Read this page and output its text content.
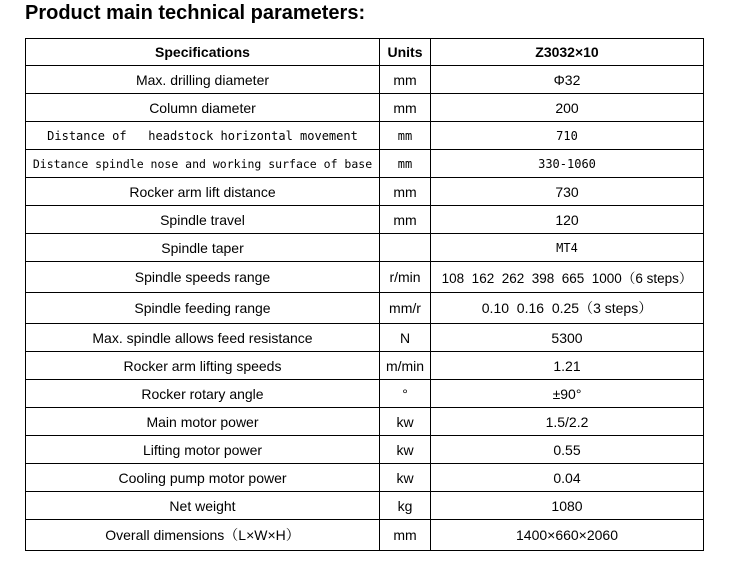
Product main technical parameters:
Specifications	Units	Z3032×10
Max. drilling diameter	mm	Φ32
Column diameter	mm	200
Distance of   headstock horizontal movement	mm	710
Distance spindle nose and working surface of base	mm	330-1060
Rocker arm lift distance	mm	730
Spindle travel	mm	120
Spindle taper		MT4
Spindle speeds range	r/min	108  162  262  398  665  1000（6 steps）
Spindle feeding range	mm/r	0.10  0.16  0.25（3 steps）
Max. spindle allows feed resistance	N	5300
Rocker arm lifting speeds	m/min	1.21
Rocker rotary angle	°	±90°
Main motor power	kw	1.5/2.2
Lifting motor power	kw	0.55
Cooling pump motor power	kw	0.04
Net weight	kg	1080
Overall dimensions（L×W×H）	mm	1400×660×2060
